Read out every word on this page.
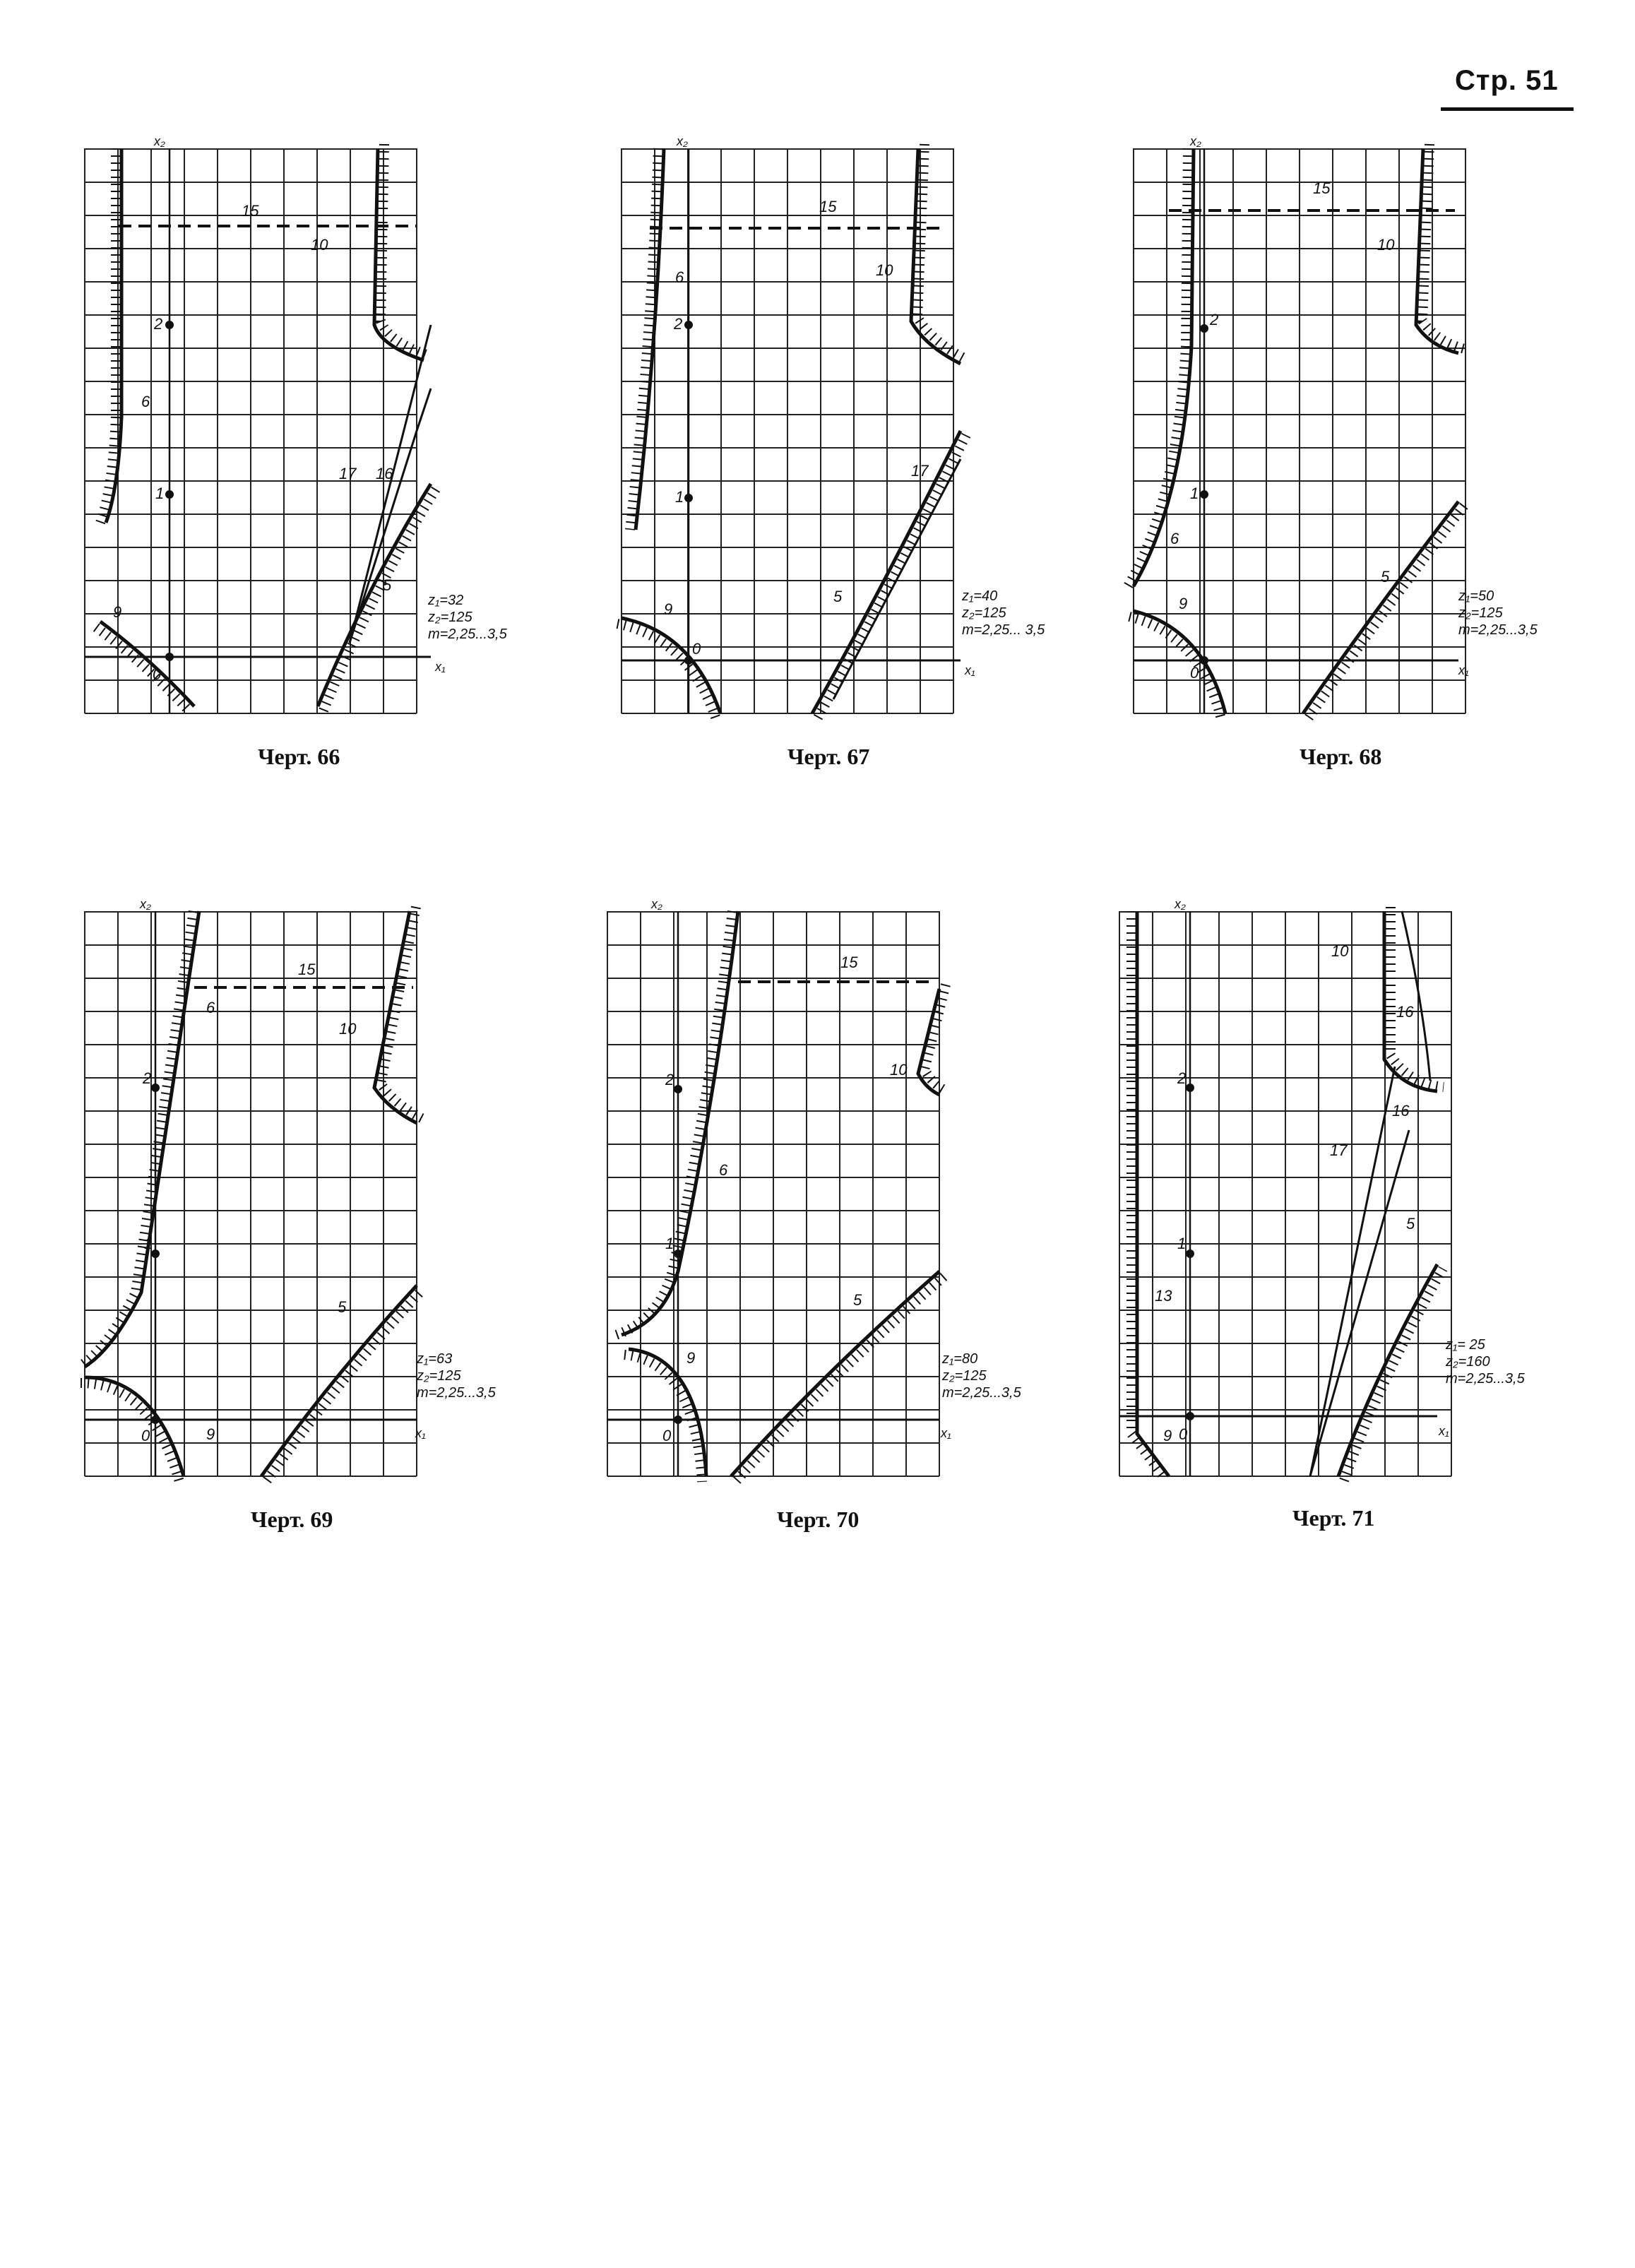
Стр. 51
x₂
x₁
0
1
2
15
10
6
9
17 16
5
z₁=32
z₂=125
m=2,25...3,5
Черт. 66
x₂
x₁
0
1
2
15
10
6
9
17
5	z₁=40
z₂=125
m=2,25... 3,5
Черт. 67
x₂
x₁
0
1
2
15
10
6
9
5
z₁=50
z₂=125
m=2,25...3,5
Черт. 68
x₂
x₁
0
1
2
15
10
6
9
5
z₁=63
z₂=125
m=2,25...3,5
Черт. 69
x₂
x₁
0
1
2
15
10
6
9
5
z₁=80
z₂=125
m=2,25...3,5
Черт. 70
x₂
x₁
0
1
2
10
16
16
17
5
13
9
z₁= 25
z₂=160
m=2,25...3,5
Черт. 71
